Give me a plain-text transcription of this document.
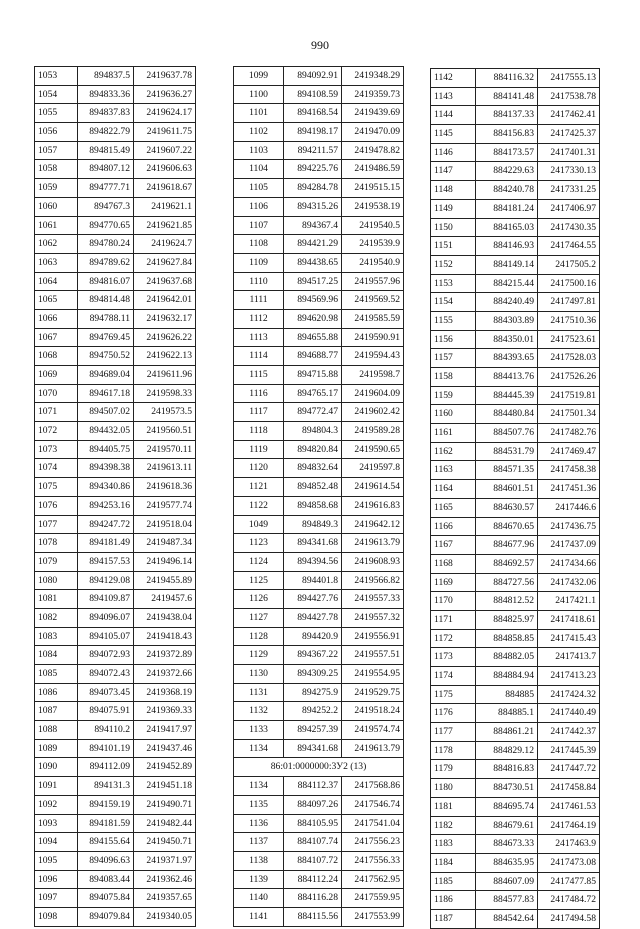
990
1053	894837.5	2419637.78
1054	894833.36	2419636.27
1055	894837.83	2419624.17
1056	894822.79	2419611.75
1057	894815.49	2419607.22
1058	894807.12	2419606.63
1059	894777.71	2419618.67
1060	894767.3	2419621.1
1061	894770.65	2419621.85
1062	894780.24	2419624.7
1063	894789.62	2419627.84
1064	894816.07	2419637.68
1065	894814.48	2419642.01
1066	894788.11	2419632.17
1067	894769.45	2419626.22
1068	894750.52	2419622.13
1069	894689.04	2419611.96
1070	894617.18	2419598.33
1071	894507.02	2419573.5
1072	894432.05	2419560.51
1073	894405.75	2419570.11
1074	894398.38	2419613.11
1075	894340.86	2419618.36
1076	894253.16	2419577.74
1077	894247.72	2419518.04
1078	894181.49	2419487.34
1079	894157.53	2419496.14
1080	894129.08	2419455.89
1081	894109.87	2419457.6
1082	894096.07	2419438.04
1083	894105.07	2419418.43
1084	894072.93	2419372.89
1085	894072.43	2419372.66
1086	894073.45	2419368.19
1087	894075.91	2419369.33
1088	894110.2	2419417.97
1089	894101.19	2419437.46
1090	894112.09	2419452.89
1091	894131.3	2419451.18
1092	894159.19	2419490.71
1093	894181.59	2419482.44
1094	894155.64	2419450.71
1095	894096.63	2419371.97
1096	894083.44	2419362.46
1097	894075.84	2419357.65
1098	894079.84	2419340.05
1099	894092.91	2419348.29
1100	894108.59	2419359.73
1101	894168.54	2419439.69
1102	894198.17	2419470.09
1103	894211.57	2419478.82
1104	894225.76	2419486.59
1105	894284.78	2419515.15
1106	894315.26	2419538.19
1107	894367.4	2419540.5
1108	894421.29	2419539.9
1109	894438.65	2419540.9
1110	894517.25	2419557.96
1111	894569.96	2419569.52
1112	894620.98	2419585.59
1113	894655.88	2419590.91
1114	894688.77	2419594.43
1115	894715.88	2419598.7
1116	894765.17	2419604.09
1117	894772.47	2419602.42
1118	894804.3	2419589.28
1119	894820.84	2419590.65
1120	894832.64	2419597.8
1121	894852.48	2419614.54
1122	894858.68	2419616.83
1049	894849.3	2419642.12
1123	894341.68	2419613.79
1124	894394.56	2419608.93
1125	894401.8	2419566.82
1126	894427.76	2419557.33
1127	894427.78	2419557.32
1128	894420.9	2419556.91
1129	894367.22	2419557.51
1130	894309.25	2419554.95
1131	894275.9	2419529.75
1132	894252.2	2419518.24
1133	894257.39	2419574.74
1134	894341.68	2419613.79
86:01:0000000:3У2 (13)		
1134	884112.37	2417568.86
1135	884097.26	2417546.74
1136	884105.95	2417541.04
1137	884107.74	2417556.23
1138	884107.72	2417556.33
1139	884112.24	2417562.95
1140	884116.28	2417559.95
1141	884115.56	2417553.99
1142	884116.32	2417555.13
1143	884141.48	2417538.78
1144	884137.33	2417462.41
1145	884156.83	2417425.37
1146	884173.57	2417401.31
1147	884229.63	2417330.13
1148	884240.78	2417331.25
1149	884181.24	2417406.97
1150	884165.03	2417430.35
1151	884146.93	2417464.55
1152	884149.14	2417505.2
1153	884215.44	2417500.16
1154	884240.49	2417497.81
1155	884303.89	2417510.36
1156	884350.01	2417523.61
1157	884393.65	2417528.03
1158	884413.76	2417526.26
1159	884445.39	2417519.81
1160	884480.84	2417501.34
1161	884507.76	2417482.76
1162	884531.79	2417469.47
1163	884571.35	2417458.38
1164	884601.51	2417451.36
1165	884630.57	2417446.6
1166	884670.65	2417436.75
1167	884677.96	2417437.09
1168	884692.57	2417434.66
1169	884727.56	2417432.06
1170	884812.52	2417421.1
1171	884825.97	2417418.61
1172	884858.85	2417415.43
1173	884882.05	2417413.7
1174	884884.94	2417413.23
1175	884885	2417424.32
1176	884885.1	2417440.49
1177	884861.21	2417442.37
1178	884829.12	2417445.39
1179	884816.83	2417447.72
1180	884730.51	2417458.84
1181	884695.74	2417461.53
1182	884679.61	2417464.19
1183	884673.33	2417463.9
1184	884635.95	2417473.08
1185	884607.09	2417477.85
1186	884577.83	2417484.72
1187	884542.64	2417494.58
